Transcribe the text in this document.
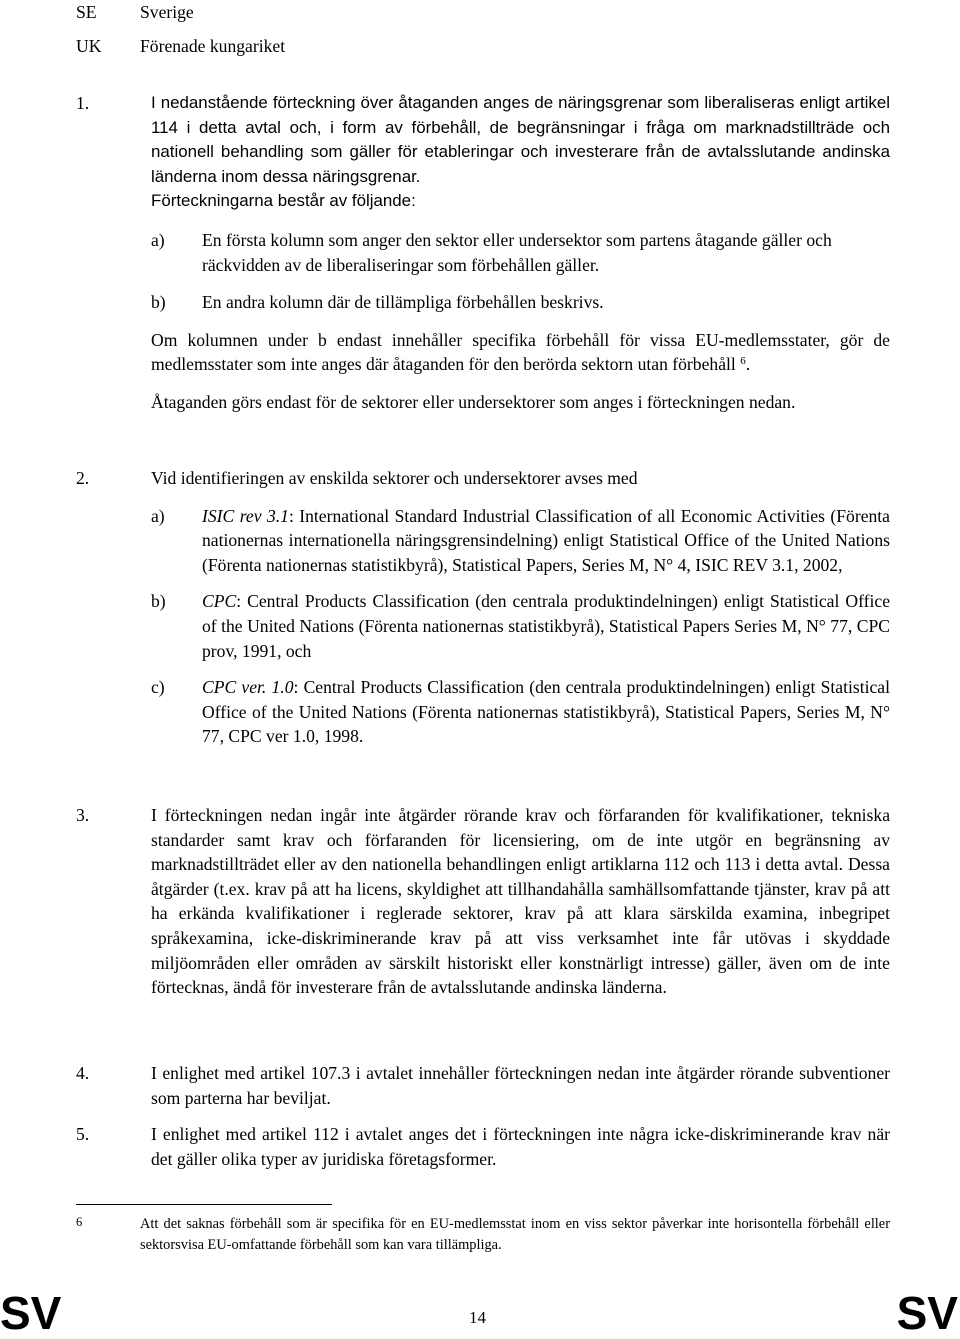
SE Sverige
UK Förenade kungariket
1.	I nedanstående förteckning över åtaganden anges de näringsgrenar som liberaliseras enligt artikel 114 i detta avtal och, i form av förbehåll, de begränsningar i fråga om marknadstillträde och nationell behandling som gäller för etableringar och investerare från de avtalsslutande andinska länderna inom dessa näringsgrenar.

Förteckningarna består av följande:

a) En första kolumn som anger den sektor eller undersektor som partens åtagande gäller och räckvidden av de liberaliseringar som förbehållen gäller.

b) En andra kolumn där de tillämpliga förbehållen beskrivs.

Om kolumnen under b endast innehåller specifika förbehåll för vissa EU-medlemsstater, gör de medlemsstater som inte anges där åtaganden för den berörda sektorn utan förbehåll $^6$.

Åtaganden görs endast för de sektorer eller undersektorer som anges i förteckningen nedan.

2.	Vid identifieringen av enskilda sektorer och undersektorer avses med

a) ISIC rev 3.1: International Standard Industrial Classification of all Economic Activities (Förenta nationernas internationella näringsgrensindelning) enligt Statistical Office of the United Nations (Förenta nationernas statistikbyrå), Statistical Papers, Series M, N° 4, ISIC REV 3.1, 2002,

b) CPC: Central Products Classification (den centrala produktindelningen) enligt Statistical Office of the United Nations (Förenta nationernas statistikbyrå), Statistical Papers Series M, N° 77, CPC prov, 1991, och

c) CPC ver. 1.0: Central Products Classification (den centrala produktindelningen) enligt Statistical Office of the United Nations (Förenta nationernas statistikbyrå), Statistical Papers, Series M, N° 77, CPC ver 1.0, 1998.

3.	I förteckningen nedan ingår inte åtgärder rörande krav och förfaranden för kvalifikationer, tekniska standarder samt krav och förfaranden för licensiering, om de inte utgör en begränsning av marknadstillträdet eller av den nationella behandlingen enligt artiklarna 112 och 113 i detta avtal. Dessa åtgärder (t.ex. krav på att ha licens, skyldighet att tillhandahålla samhällsomfattande tjänster, krav på att ha erkända kvalifikationer i reglerade sektorer, krav på att klara särskilda examina, inbegripet språkexamina, icke-diskriminerande krav på att viss verksamhet inte får utövas i skyddade miljöområden eller områden av särskilt historiskt eller konstnärligt intresse) gäller, även om de inte förtecknas, ändå för investerare från de avtalsslutande andinska länderna.

4.	I enlighet med artikel 107.3 i avtalet innehåller förteckningen nedan inte åtgärder rörande subventioner som parterna har beviljat.

5.	I enlighet med artikel 112 i avtalet anges det i förteckningen inte några icke-diskriminerande krav när det gäller olika typer av juridiska företagsformer.

6	Att det saknas förbehåll som är specifika för en EU-medlemsstat inom en viss sektor påverkar inte horisontella förbehåll eller sektorsvisa EU-omfattande förbehåll som kan vara tillämpliga.

SV	14	SV
